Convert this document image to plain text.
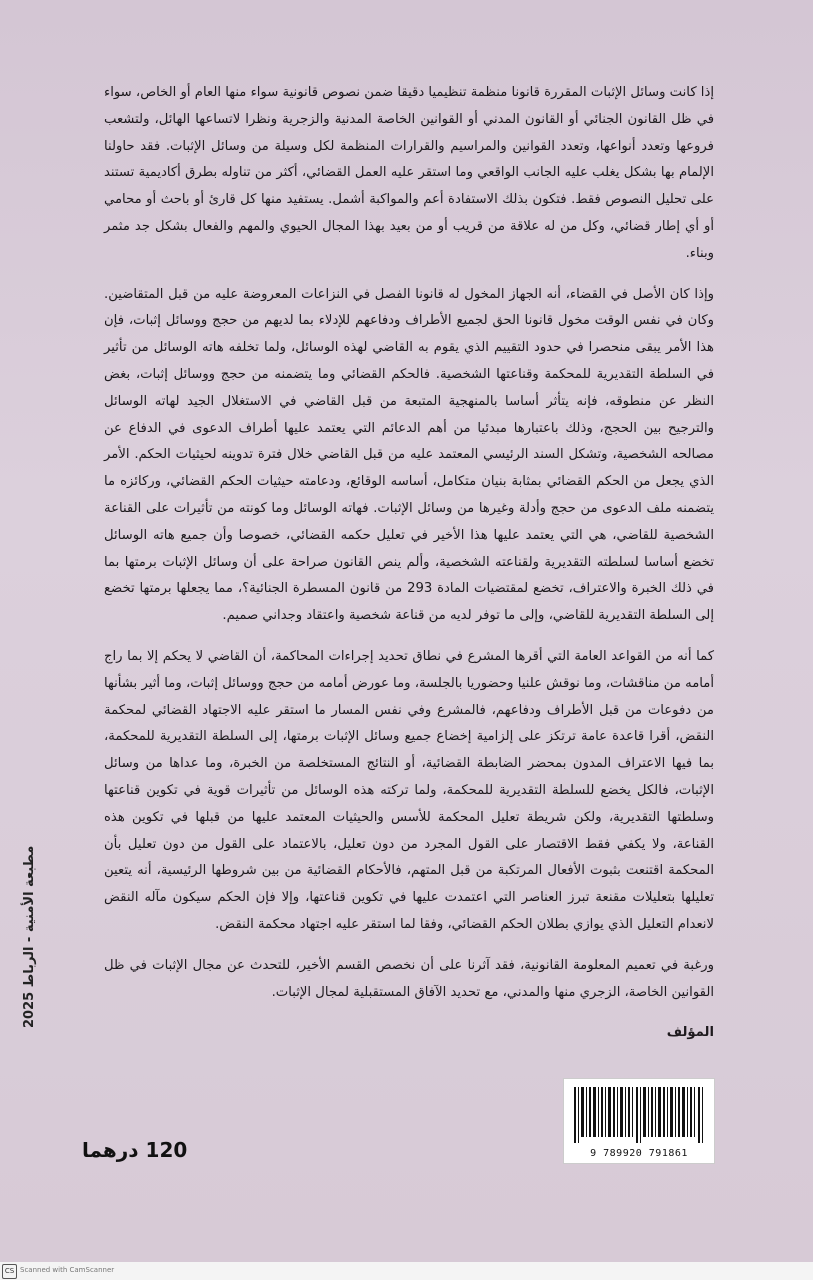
إذا كانت وسائل الإثبات المقررة قانونا منظمة تنظيميا دقيقا ضمن نصوص قانونية سواء منها العام أو الخاص، سواء في ظل القانون الجنائي أو القانون المدني أو القوانين الخاصة المدنية والزجرية ونظرا لاتساعها الهائل، ولتشعب فروعها وتعدد أنواعها، وتعدد القوانين والمراسيم والقرارات المنظمة لكل وسيلة من وسائل الإثبات. فقد حاولنا الإلمام بها بشكل يغلب عليه الجانب الواقعي وما استقر عليه العمل القضائي، أكثر من تناوله بطرق أكاديمية تستند على تحليل النصوص فقط. فتكون بذلك الاستفادة أعم والمواكبة أشمل. يستفيد منها كل قارئ أو باحث أو محامي أو أي إطار قضائي، وكل من له علاقة من قريب أو من بعيد بهذا المجال الحيوي والمهم والفعال بشكل جد مثمر وبناء.

وإذا كان الأصل في القضاء، أنه الجهاز المخول له قانونا الفصل في النزاعات المعروضة عليه من قبل المتقاضين. وكان في نفس الوقت مخول قانونا الحق لجميع الأطراف ودفاعهم للإدلاء بما لديهم من حجج ووسائل إثبات، فإن هذا الأمر يبقى منحصرا في حدود التقييم الذي يقوم به القاضي لهذه الوسائل، ولما تخلفه هاته الوسائل من تأثير في السلطة التقديرية للمحكمة وقناعتها الشخصية. فالحكم القضائي وما يتضمنه من حجج ووسائل إثبات، بغض النظر عن منطوقه، فإنه يتأثر أساسا بالمنهجية المتبعة من قبل القاضي في الاستغلال الجيد لهاته الوسائل والترجيح بين الحجج، وذلك باعتبارها مبدئيا من أهم الدعائم التي يعتمد عليها أطراف الدعوى في الدفاع عن مصالحه الشخصية، وتشكل السند الرئيسي المعتمد عليه من قبل القاضي خلال فترة تدوينه لحيثيات الحكم. الأمر الذي يجعل من الحكم القضائي بمثابة بنيان متكامل، أساسه الوقائع، ودعامته حيثيات الحكم القضائي، وركائزه ما يتضمنه ملف الدعوى من حجج وأدلة وغيرها من وسائل الإثبات. فهاته الوسائل وما كونته من تأثيرات على القناعة الشخصية للقاضي، هي التي يعتمد عليها هذا الأخير في تعليل حكمه القضائي، خصوصا وأن جميع هاته الوسائل تخضع أساسا لسلطته التقديرية ولقناعته الشخصية، وألم ينص القانون صراحة على أن وسائل الإثبات برمتها بما في ذلك الخبرة والاعتراف، تخضع لمقتضيات المادة 293 من قانون المسطرة الجنائية؟، مما يجعلها برمتها تخضع إلى السلطة التقديرية للقاضي، وإلى ما توفر لديه من قناعة شخصية واعتقاد وجداني صميم.

كما أنه من القواعد العامة التي أقرها المشرع في نطاق تحديد إجراءات المحاكمة، أن القاضي لا يحكم إلا بما راج أمامه من مناقشات، وما نوقش علنيا وحضوريا بالجلسة، وما عورض أمامه من حجج ووسائل إثبات، وما أثير بشأنها من دفوعات من قبل الأطراف ودفاعهم، فالمشرع وفي نفس المسار ما استقر عليه الاجتهاد القضائي لمحكمة النقض، أقرا قاعدة عامة ترتكز على إلزامية إخضاع جميع وسائل الإثبات برمتها، إلى السلطة التقديرية للمحكمة، بما فيها الاعتراف المدون بمحضر الضابطة القضائية، أو النتائج المستخلصة من الخبرة، وما عداها من وسائل الإثبات، فالكل يخضع للسلطة التقديرية للمحكمة، ولما تركته هذه الوسائل من تأثيرات قوية في تكوين قناعتها وسلطتها التقديرية، ولكن شريطة تعليل المحكمة للأسس والحيثيات المعتمد عليها من قبلها في تكوين هذه القناعة، ولا يكفي فقط الاقتصار على القول المجرد من دون تعليل، بالاعتماد على القول من دون تعليل بأن المحكمة اقتنعت بثبوت الأفعال المرتكبة من قبل المتهم، فالأحكام القضائية من بين شروطها الرئيسية، أنه يتعين تعليلها بتعليلات مقنعة تبرز العناصر التي اعتمدت عليها في تكوين قناعتها، وإلا فإن الحكم سيكون مآله النقض لانعدام التعليل الذي يوازي بطلان الحكم القضائي، وفقا لما استقر عليه اجتهاد محكمة النقض.

ورغبة في تعميم المعلومة القانونية، فقد آثرنا على أن نخصص القسم الأخير، للتحدث عن مجال الإثبات في ظل القوانين الخاصة، الزجري منها والمدني، مع تحديد الآفاق المستقبلية لمجال الإثبات.

المؤلف

مطبعة الأمنية - الرباط 2025
120 درهما	9 789920 791861
CS Scanned with CamScanner
